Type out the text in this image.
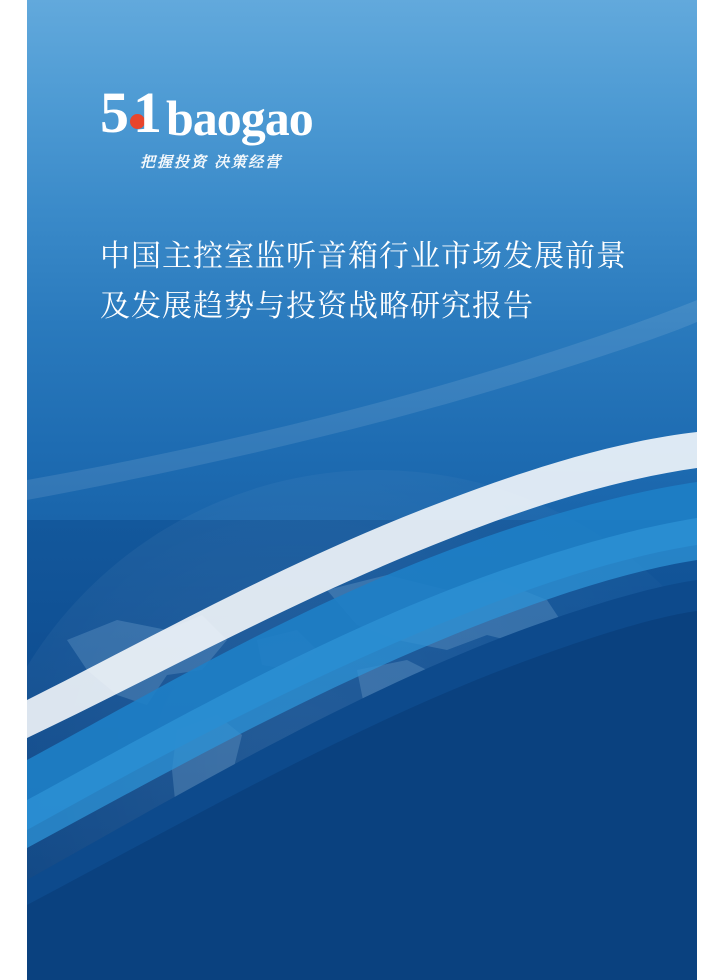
5 1 baogao
把握投资 决策经营
中国主控室监听音箱行业市场发展前景及发展趋势与投资战略研究报告
